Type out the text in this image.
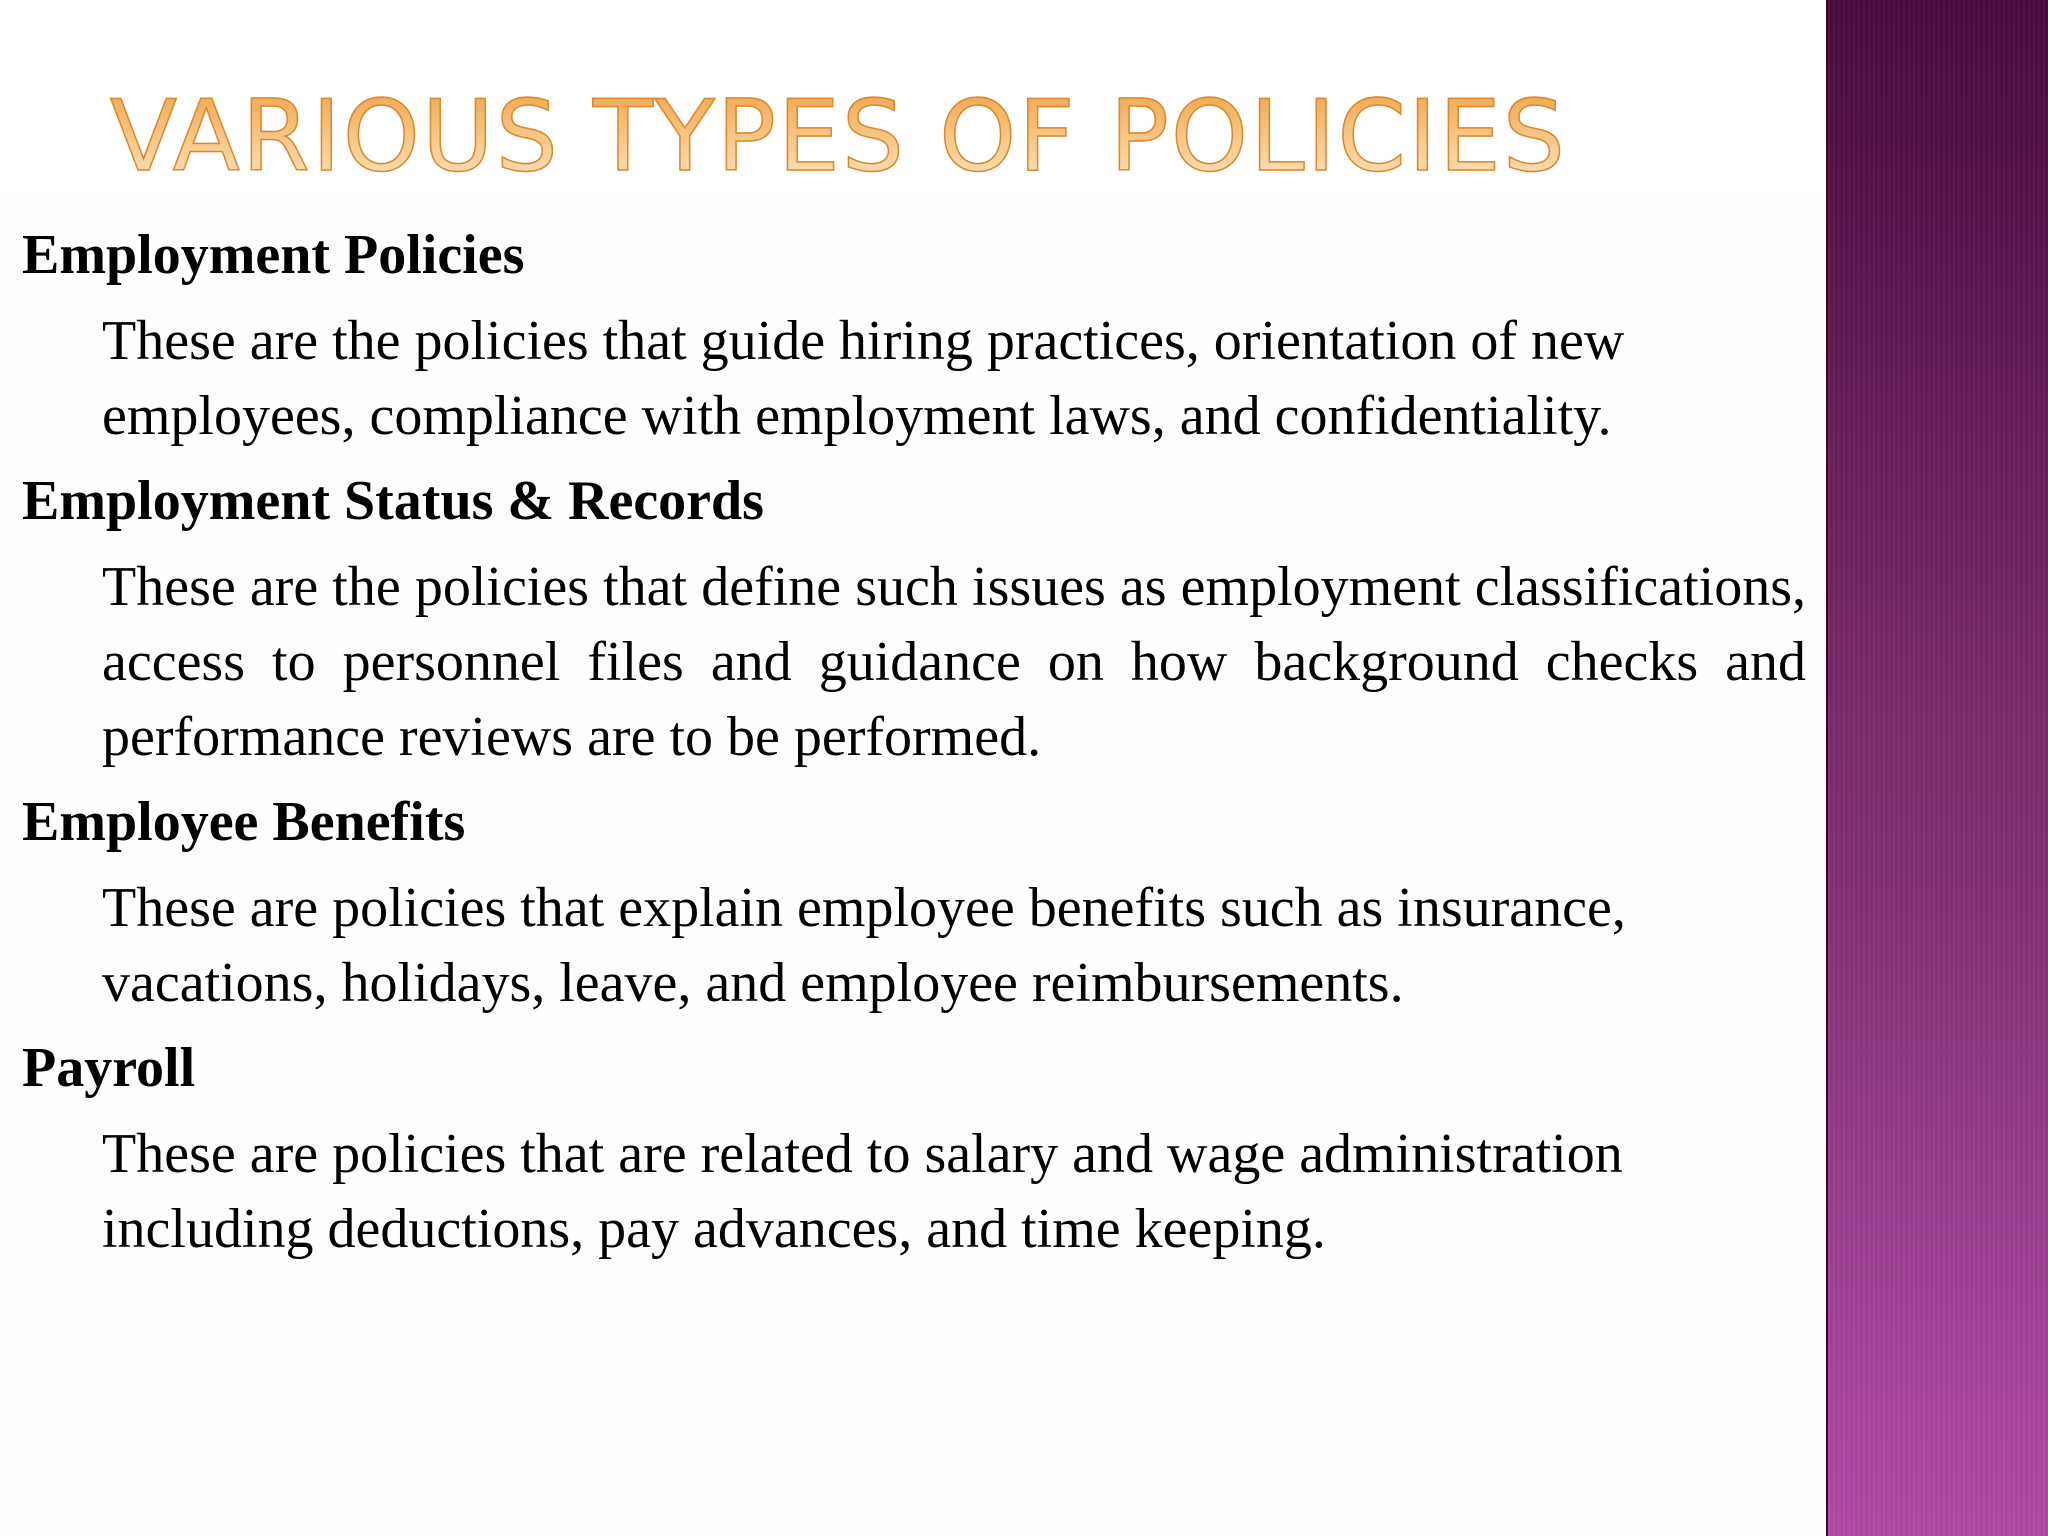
VARIOUS TYPES OF POLICIES

Employment Policies

These are the policies that guide hiring practices, orientation of new employees, compliance with employment laws, and confidentiality.

Employment Status & Records

These are the policies that define such issues as employment classifications, access to personnel files and guidance on how background checks and performance reviews are to be performed.

Employee Benefits

These are policies that explain employee benefits such as insurance, vacations, holidays, leave, and employee reimbursements.

Payroll

These are policies that are related to salary and wage administration including deductions, pay advances, and time keeping.
